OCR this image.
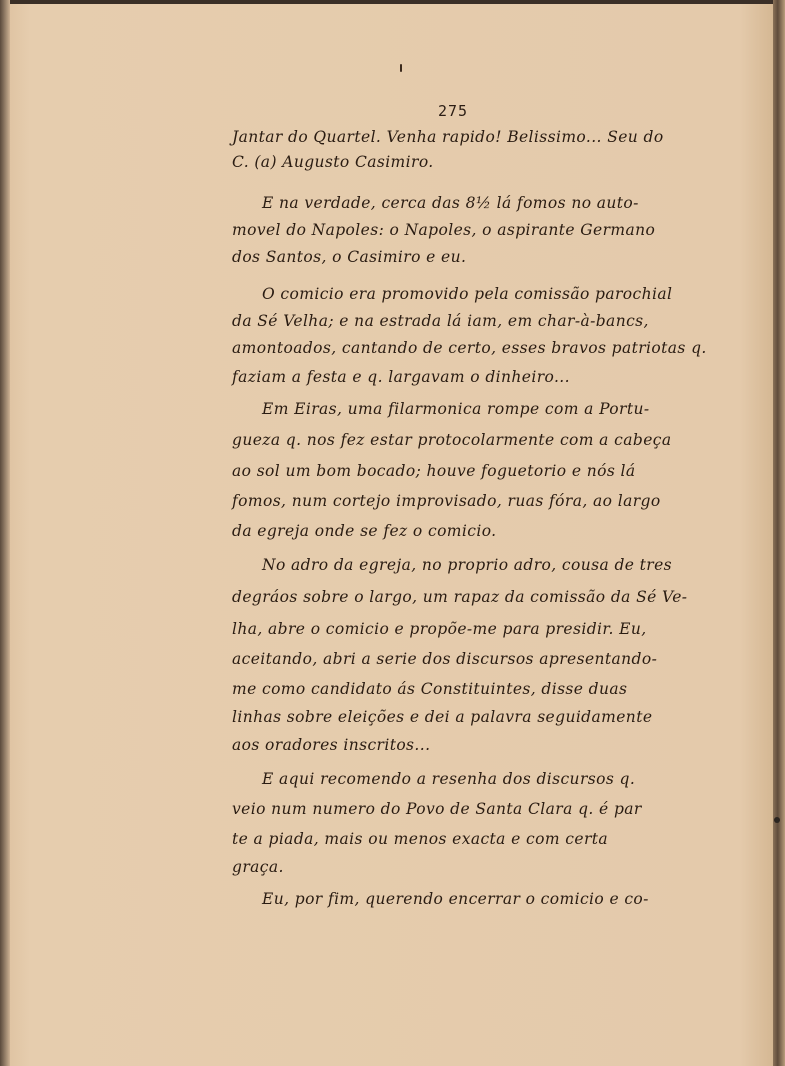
275
Jantar do Quartel. Venha rapido! Belissimo... Seu do
C. (a) Augusto Casimiro.
E na verdade, cerca das 8½ lá fomos no auto-
movel do Napoles: o Napoles, o aspirante Germano
dos Santos, o Casimiro e eu.
O comicio era promovido pela comissão parochial
da Sé Velha; e na estrada lá iam, em char-à-bancs,
amontoados, cantando de certo, esses bravos patriotas q.
faziam a festa e q. largavam o dinheiro...
Em Eiras, uma filarmonica rompe com a Portu-
gueza q. nos fez estar protocolarmente com a cabeça
ao sol um bom bocado; houve foguetorio e nós lá
fomos, num cortejo improvisado, ruas fóra, ao largo
da egreja onde se fez o comicio.
No adro da egreja, no proprio adro, cousa de tres
degráos sobre o largo, um rapaz da comissão da Sé Ve-
lha, abre o comicio e propõe-me para presidir. Eu,
aceitando, abri a serie dos discursos apresentando-
me como candidato ás Constituintes, disse duas
linhas sobre eleições e dei a palavra seguidamente
aos oradores inscritos...
E aqui recomendo a resenha dos discursos q.
veio num numero do Povo de Santa Clara q. é par
te a piada, mais ou menos exacta e com certa
graça.
Eu, por fim, querendo encerrar o comicio e co-
